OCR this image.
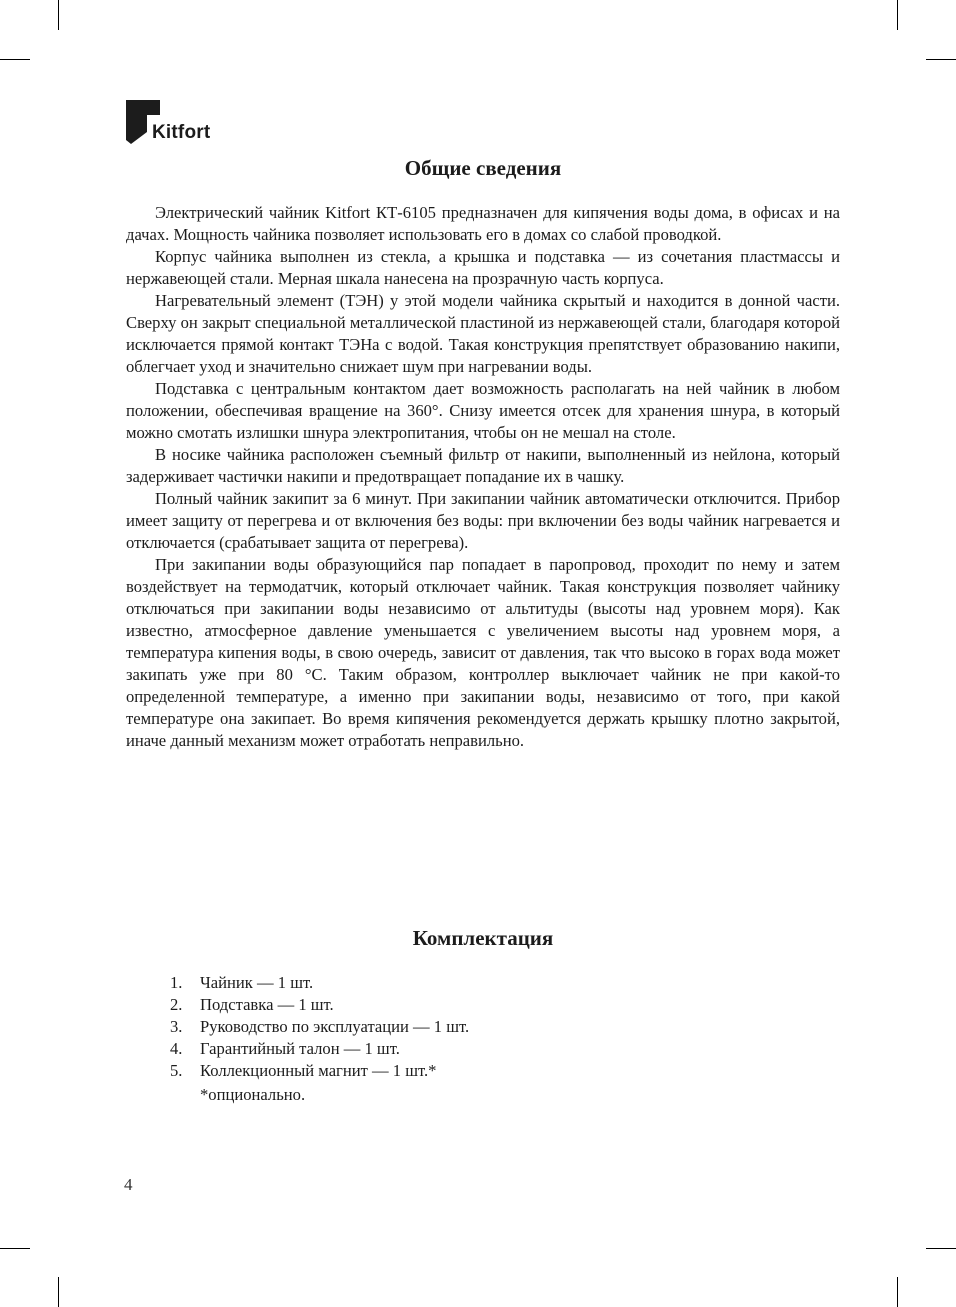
Kitfort
Общие сведения

Электрический чайник Kitfort КТ-6105 предназначен для кипячения воды дома, в офисах и на дачах. Мощность чайника позволяет использовать его в домах со слабой проводкой.

Корпус чайника выполнен из стекла, а крышка и подставка — из сочетания пластмассы и нержавеющей стали. Мерная шкала нанесена на прозрачную часть корпуса.

Нагревательный элемент (ТЭН) у этой модели чайника скрытый и находится в донной части. Сверху он закрыт специальной металлической пластиной из нержавеющей стали, благодаря которой исключается прямой контакт ТЭНа с водой. Такая конструкция препятствует образованию накипи, облегчает уход и значительно снижает шум при нагревании воды.

Подставка с центральным контактом дает возможность располагать на ней чайник в любом положении, обеспечивая вращение на 360°. Снизу имеется отсек для хранения шнура, в который можно смотать излишки шнура электропитания, чтобы он не мешал на столе.

В носике чайника расположен съемный фильтр от накипи, выполненный из нейлона, который задерживает частички накипи и предотвращает попадание их в чашку.

Полный чайник закипит за 6 минут. При закипании чайник автоматически отключится. Прибор имеет защиту от перегрева и от включения без воды: при включении без воды чайник нагревается и отключается (срабатывает защита от перегрева).

При закипании воды образующийся пар попадает в паропровод, проходит по нему и затем воздействует на термодатчик, который отключает чайник. Такая конструкция позволяет чайнику отключаться при закипании воды независимо от альтитуды (высоты над уровнем моря). Как известно, атмосферное давление уменьшается с увеличением высоты над уровнем моря, а температура кипения воды, в свою очередь, зависит от давления, так что высоко в горах вода может закипать уже при 80 °С. Таким образом, контроллер выключает чайник не при какой-то определенной температуре, а именно при закипании воды, независимо от того, при какой температуре она закипает. Во время кипячения рекомендуется держать крышку плотно закрытой, иначе данный механизм может отработать неправильно.

Комплектация
1. Чайник — 1 шт.
2. Подставка — 1 шт.
3. Руководство по эксплуатации — 1 шт.
4. Гарантийный талон — 1 шт.
5. Коллекционный магнит — 1 шт.*
*опционально.
4
